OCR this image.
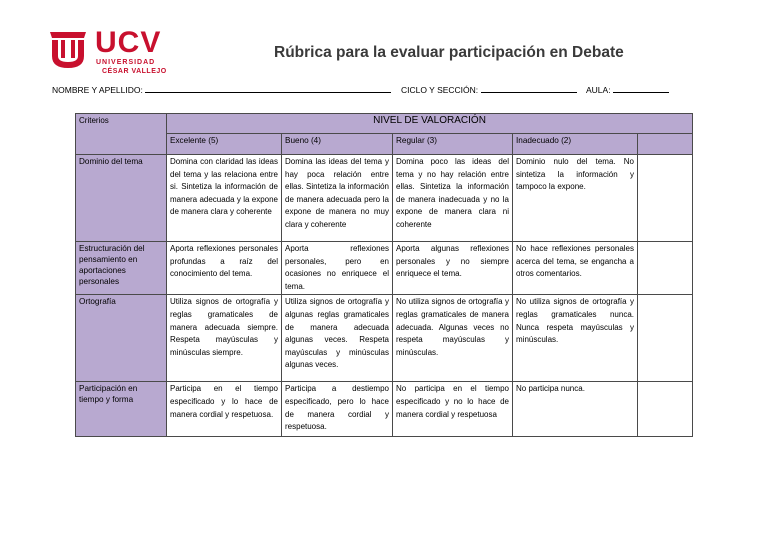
UCV
UNIVERSIDAD
CÉSAR VALLEJO
Rúbrica para la evaluar participación en Debate
NOMBRE Y APELLIDO:	CICLO Y SECCIÓN:	AULA:
Criterios	NIVEL DE VALORACIÓN				
	Excelente (5)	Bueno (4)	Regular (3)	Inadecuado (2)	
Dominio del tema	Domina con claridad las ideas del tema y las relaciona entre si. Sintetiza la información de manera adecuada y la expone de manera clara y coherente	Domina las ideas del tema y hay poca relación entre ellas. Sintetiza la información de manera adecuada pero la expone de manera no muy clara y coherente	Domina poco las ideas del tema y no hay relación entre ellas. Sintetiza la información de manera inadecuada y no la expone de manera clara ni coherente	Dominio nulo del tema. No sintetiza la información y tampoco la expone.	
Estructuración del pensamiento en aportaciones personales	Aporta reflexiones personales profundas a raíz del conocimiento del tema.	Aporta reflexiones personales, pero en ocasiones no enriquece el tema.	Aporta algunas reflexiones personales y no siempre enriquece el tema.	No hace reflexiones personales acerca del tema, se engancha a otros comentarios.	
Ortografía	Utiliza signos de ortografía y reglas gramaticales de manera adecuada siempre. Respeta mayúsculas y minúsculas siempre.	Utiliza signos de ortografía y algunas reglas gramaticales de manera adecuada algunas veces. Respeta mayúsculas y minúsculas algunas veces.	No utiliza signos de ortografía y reglas gramaticales de manera adecuada. Algunas veces no respeta mayúsculas y minúsculas.	No utiliza signos de ortografía y reglas gramaticales nunca. Nunca respeta mayúsculas y minúsculas.	
Participación en tiempo y forma	Participa en el tiempo especificado y lo hace de manera cordial y respetuosa.	Participa a destiempo especificado, pero lo hace de manera cordial y respetuosa.	No participa en el tiempo especificado y no lo hace de manera cordial y respetuosa	No participa nunca.	
